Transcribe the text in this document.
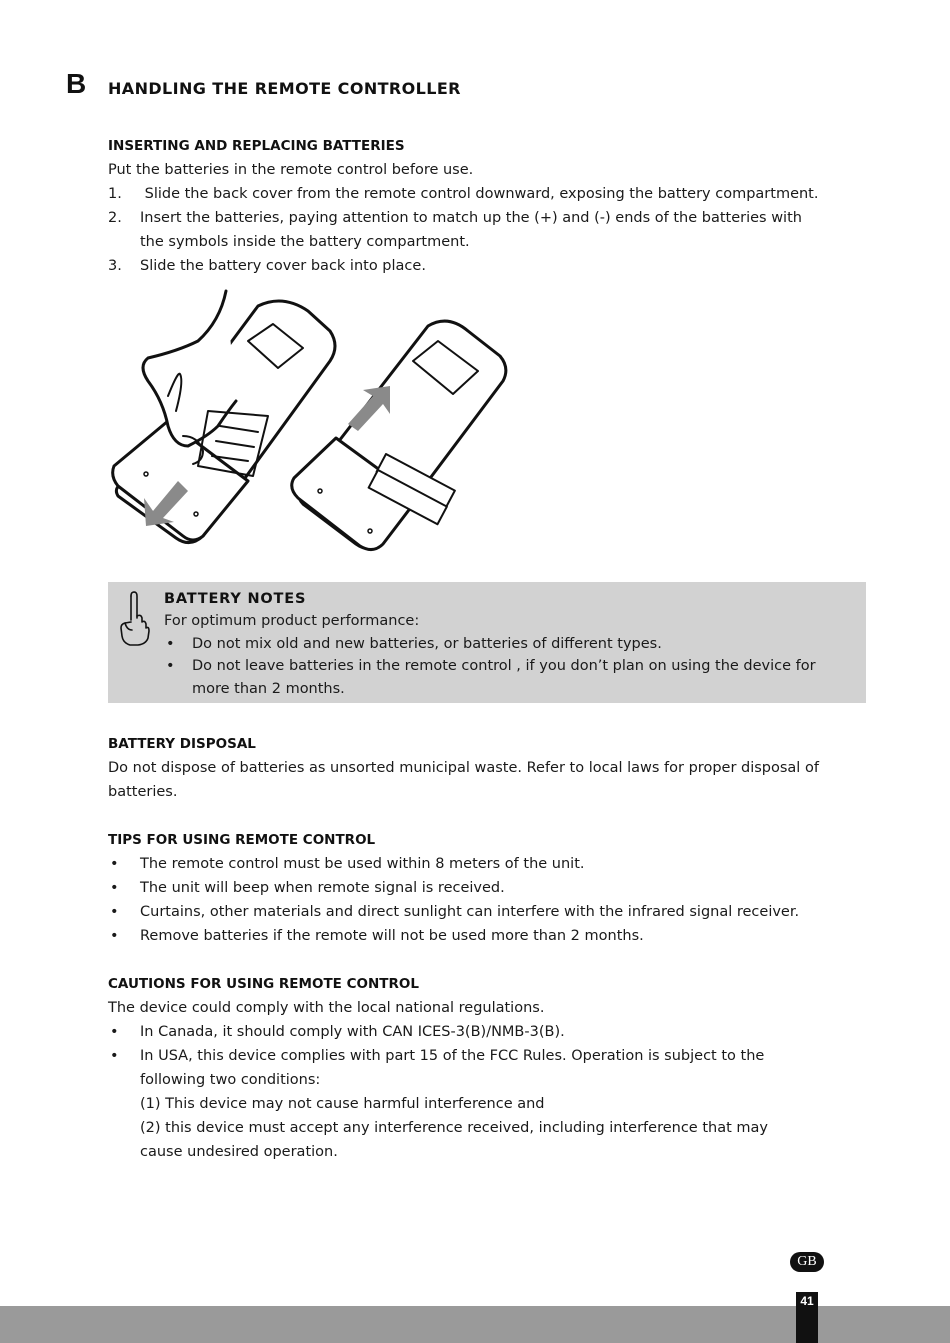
B HANDLING THE REMOTE CONTROLLER

INSERTING AND REPLACING BATTERIES

Put the batteries in the remote control before use.

1.	Slide the back cover from the remote control downward, exposing the battery compartment.
2.	Insert the batteries, paying attention to match up the (+) and (-) ends of the batteries with the symbols inside the battery compartment.
3.	Slide the battery cover back into place.
BATTERY NOTES

For optimum product performance:

•	Do not mix old and new batteries, or batteries of different types.
•	Do not leave batteries in the remote control , if you don’t plan on using the device for more than 2 months.

BATTERY DISPOSAL

Do not dispose of batteries as unsorted municipal waste. Refer to local laws for proper disposal of batteries.

TIPS FOR USING REMOTE CONTROL

•	The remote control must be used within 8 meters of the unit.
•	The unit will beep when remote signal is received.
•	Curtains, other materials and direct sunlight can interfere with the infrared signal receiver.
•	Remove batteries if the remote will not be used more than 2 months.

CAUTIONS FOR USING REMOTE CONTROL

The device could comply with the local national regulations.

•	In Canada, it should comply with CAN ICES-3(B)/NMB-3(B).
•	In USA, this device complies with part 15 of the FCC Rules. Operation is subject to the following two conditions:
(1) This device may not cause harmful interference and
(2) this device must accept any interference received, including interference that may
cause undesired operation.
GB
41
